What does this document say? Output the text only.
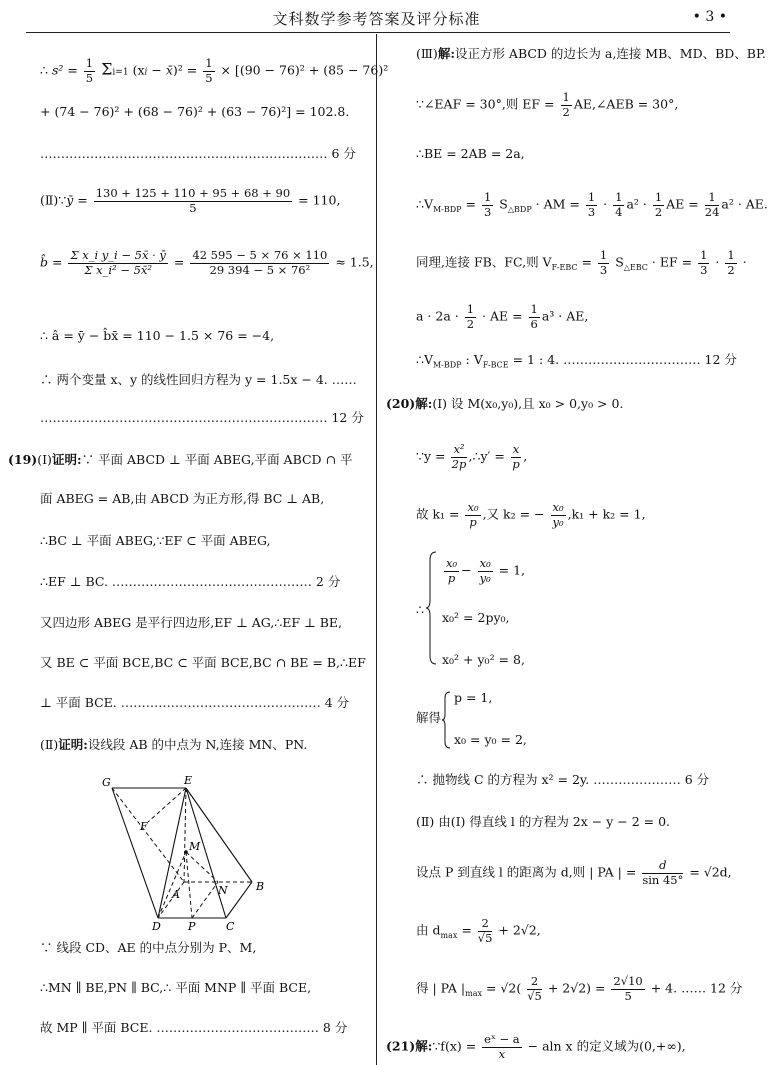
文科数学参考答案及评分标准	• 3 •
∴ $s^2 = \frac{1}{5} \Sigma i=1$ (xi − x̄)² = $\frac{1}{5} \times [(90 - 76)^2 + (85 - 76)^2$
+ (74 − 76)² + (68 − 76)² + (63 − 76)²] = 102.8.
…………………………………………………………… 6 分
(Ⅱ)∵ȳ = $\frac{130 + 125 + 110 + 95 + 68 + 90}{5} = 110$,
b̂ = $\frac{\text{Σ x\_i y\_i − 5x̄ · ȳ}}{\text{Σ x\_i² − 5x̄²}} = \frac{42 595 - 5 \times 76 \times 110}{\text{29 394 − 5 × 76²}} \approx 1.5$,
∴ â = ȳ − b̂x̄ = 110 − 1.5 × 76 = −4,
∴ 两个变量 x、y 的线性回归方程为 y = 1.5x − 4. ……
…………………………………………………………… 12 分
(19)(Ⅰ)证明:∵ 平面 ABCD ⊥ 平面 ABEG,平面 ABCD ∩ 平
面 ABEG = AB,由 ABCD 为正方形,得 BC ⊥ AB,
∴BC ⊥ 平面 ABEG,∵EF ⊂ 平面 ABEG,
∴EF ⊥ BC. ………………………………………… 2 分
又四边形 ABEG 是平行四边形,EF ⊥ AG,∴EF ⊥ BE,
又 BE ⊂ 平面 BCE,BC ⊂ 平面 BCE,BC ∩ BE = B,∴EF
⊥ 平面 BCE. ………………………………………… 4 分
(Ⅱ)证明:设线段 AB 的中点为 N,连接 MN、PN.
G	E
F
M
A	N	B
D P	C
∵ 线段 CD、AE 的中点分别为 P、M,
∴MN ∥ BE,PN ∥ BC,∴ 平面 MNP ∥ 平面 BCE,
故 MP ∥ 平面 BCE. ………………………………… 8 分
(Ⅲ)解:设正方形 ABCD 的边长为 a,连接 MB、MD、BD、BP.
∵∠EAF = 30°,则 EF = $\frac{1}{2}$ AE,∠AEB = 30°,
∴BE = 2AB = 2a,
$\therefore V_{M-BDP} = \frac{1}{3} S_{\triangle BDP}$ · AM = $\frac{1}{3} \cdot \frac{1}{4} a^2 \cdot \frac{1}{2}$ AE = $\frac{1}{24} a^2$ · AE.
同理,连接 FB、FC,则 $V_{F-EBC} = \frac{1}{3} S_{\triangle EBC}$ · EF = $\frac{1}{3} \cdot \frac{1}{2}$ ·
$a \cdot 2a \cdot \frac{1}{2}$ · AE = $\frac{1}{6} a^3$ · AE,
$\therefore V_{M-BDP}$ : $V_{F-BCE} = 1$ : 4. …………………………… 12 分
(20)解:(Ⅰ) 设 M(x₀,y₀),且 x₀ > 0,y₀ > 0.
∵y = $\frac{\text{x²}}{2p}$ ,∴y′ = $\frac{x}{p}$ ,
故 $k_1 = \frac{\text{x₀}}{p}$ ,又 k₂ = − $\frac{\text{x₀}}{\text{y₀}} ,k_1 + k_2 = 1$,
∴
$\frac{\text{x₀}}{p} - \frac{\text{x₀}}{\text{y₀}} = 1$,
x₀² = 2py₀,
x₀² + y₀² = 8,
解得
p = 1,
x₀ = y₀ = 2,
∴ 抛物线 C 的方程为 x² = 2y. ………………… 6 分
(Ⅱ) 由(Ⅰ) 得直线 l 的方程为 2x − y − 2 = 0.
设点 P 到直线 l 的距离为 d,则 | PA | = $\frac{d}{\sin 45^\circ} = √2d$,
由 $d_{max} = \frac{2}{√5} + 2√2$,
得 | PA $|_{max} = √2( \frac{2}{√5} + 2√2) = \frac{2√10}{5} + 4$. …… 12 分
(21)解:∵f(x) = $\frac{\text{eˣ − a}}{x} - aln$ x 的定义域为(0,+∞),
